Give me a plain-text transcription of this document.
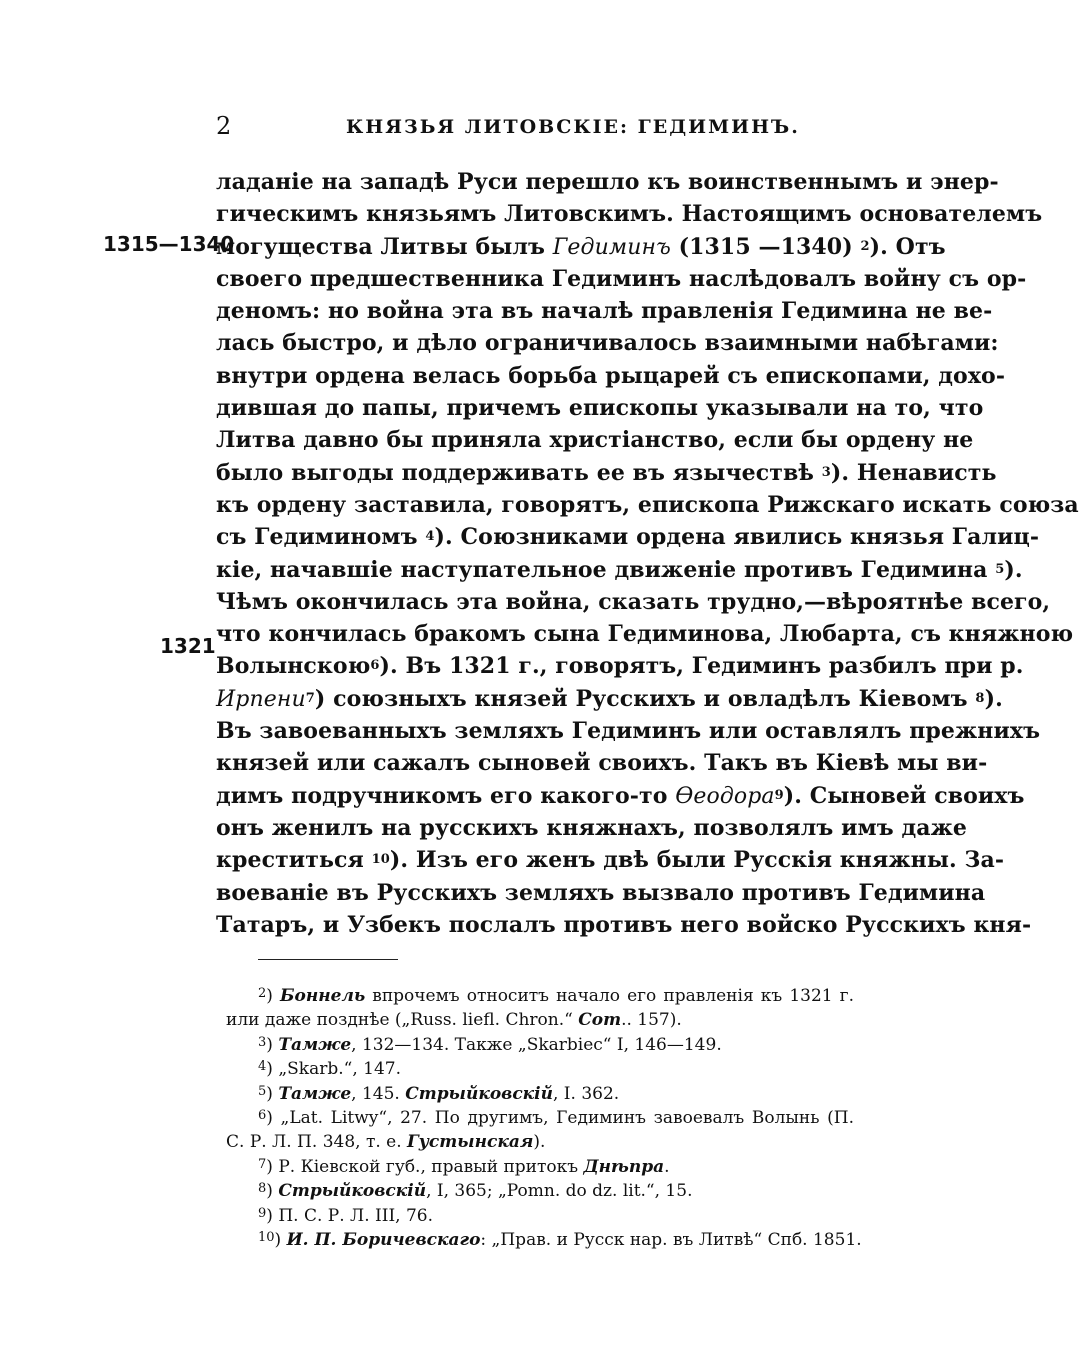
2	КНЯЗЬЯ ЛИТОВСКІЕ: ГЕДИМИНЪ.
1315—1340
1321
ладаніе на западѣ Руси перешло къ воинственнымъ и энер-
гическимъ князьямъ Литовскимъ. Настоящимъ основателемъ
могущества Литвы былъ Гедиминъ (1315 —1340) $^2$). Отъ
своего предшественника Гедиминъ наслѣдовалъ войну съ ор-
деномъ: но война эта въ началѣ правленія Гедимина не ве-
лась быстро, и дѣло ограничивалось взаимными набѣгами:
внутри ордена велась борьба рыцарей съ епископами, дохо-
дившая до папы, причемъ епископы указывали на то, что
Литва давно бы приняла христіанство, если бы ордену не
было выгоды поддерживать ее въ язычествѣ $^3$). Ненависть
къ ордену заставила, говорятъ, епископа Рижскаго искать союза
съ Гедиминомъ $^4$). Союзниками ордена явились князья Галиц-
кіе, начавшіе наступательное движеніе противъ Гедимина $^5$).
Чѣмъ окончилась эта война, сказать трудно,—вѣроятнѣе всего,
что кончилась бракомъ сына Гедиминова, Любарта, съ княжною
Волынскою$^6$). Въ 1321 г., говорятъ, Гедиминъ разбилъ при р.
Ирпени$^7$) союзныхъ князей Русскихъ и овладѣлъ Кіевомъ $^8$).
Въ завоеванныхъ земляхъ Гедиминъ или оставлялъ прежнихъ
князей или сажалъ сыновей своихъ. Такъ въ Кіевѣ мы ви-
димъ подручникомъ его какого-то Ѳеодора$^9$). Сыновей своихъ
онъ женилъ на русскихъ княжнахъ, позволялъ имъ даже
креститься $^{10}$). Изъ его женъ двѣ были Русскія княжны. За-
воеваніе въ Русскихъ земляхъ вызвало противъ Гедимина
Татаръ, и Узбекъ послалъ противъ него войско Русскихъ кня-
$^2$) Боннель впрочемъ относитъ начало его правленія къ 1321 г.
или даже позднѣе („Russ. liefl. Chron.“ Com.. 157).
$^3$) Тамже, 132—134. Также „Skarbiec“ I, 146—149.
$^4$) „Skarb.“, 147.
$^5$) Тамже, 145. Стрыйковскій, I. 362.
$^6$) „Lat. Litwy“, 27. По другимъ, Гедиминъ завоевалъ Волынь (П.
С. Р. Л. П. 348, т. е. Густынская).
$^7$) Р. Кіевской губ., правый притокъ Днѣпра.
$^8$) Стрыйковскій, I, 365; „Pomn. do dz. lit.“, 15.
$^9$) П. С. Р. Л. III, 76.
$^{10}$) И. П. Боричевскаго: „Прав. и Русск нар. въ Литвѣ“ Спб. 1851.
